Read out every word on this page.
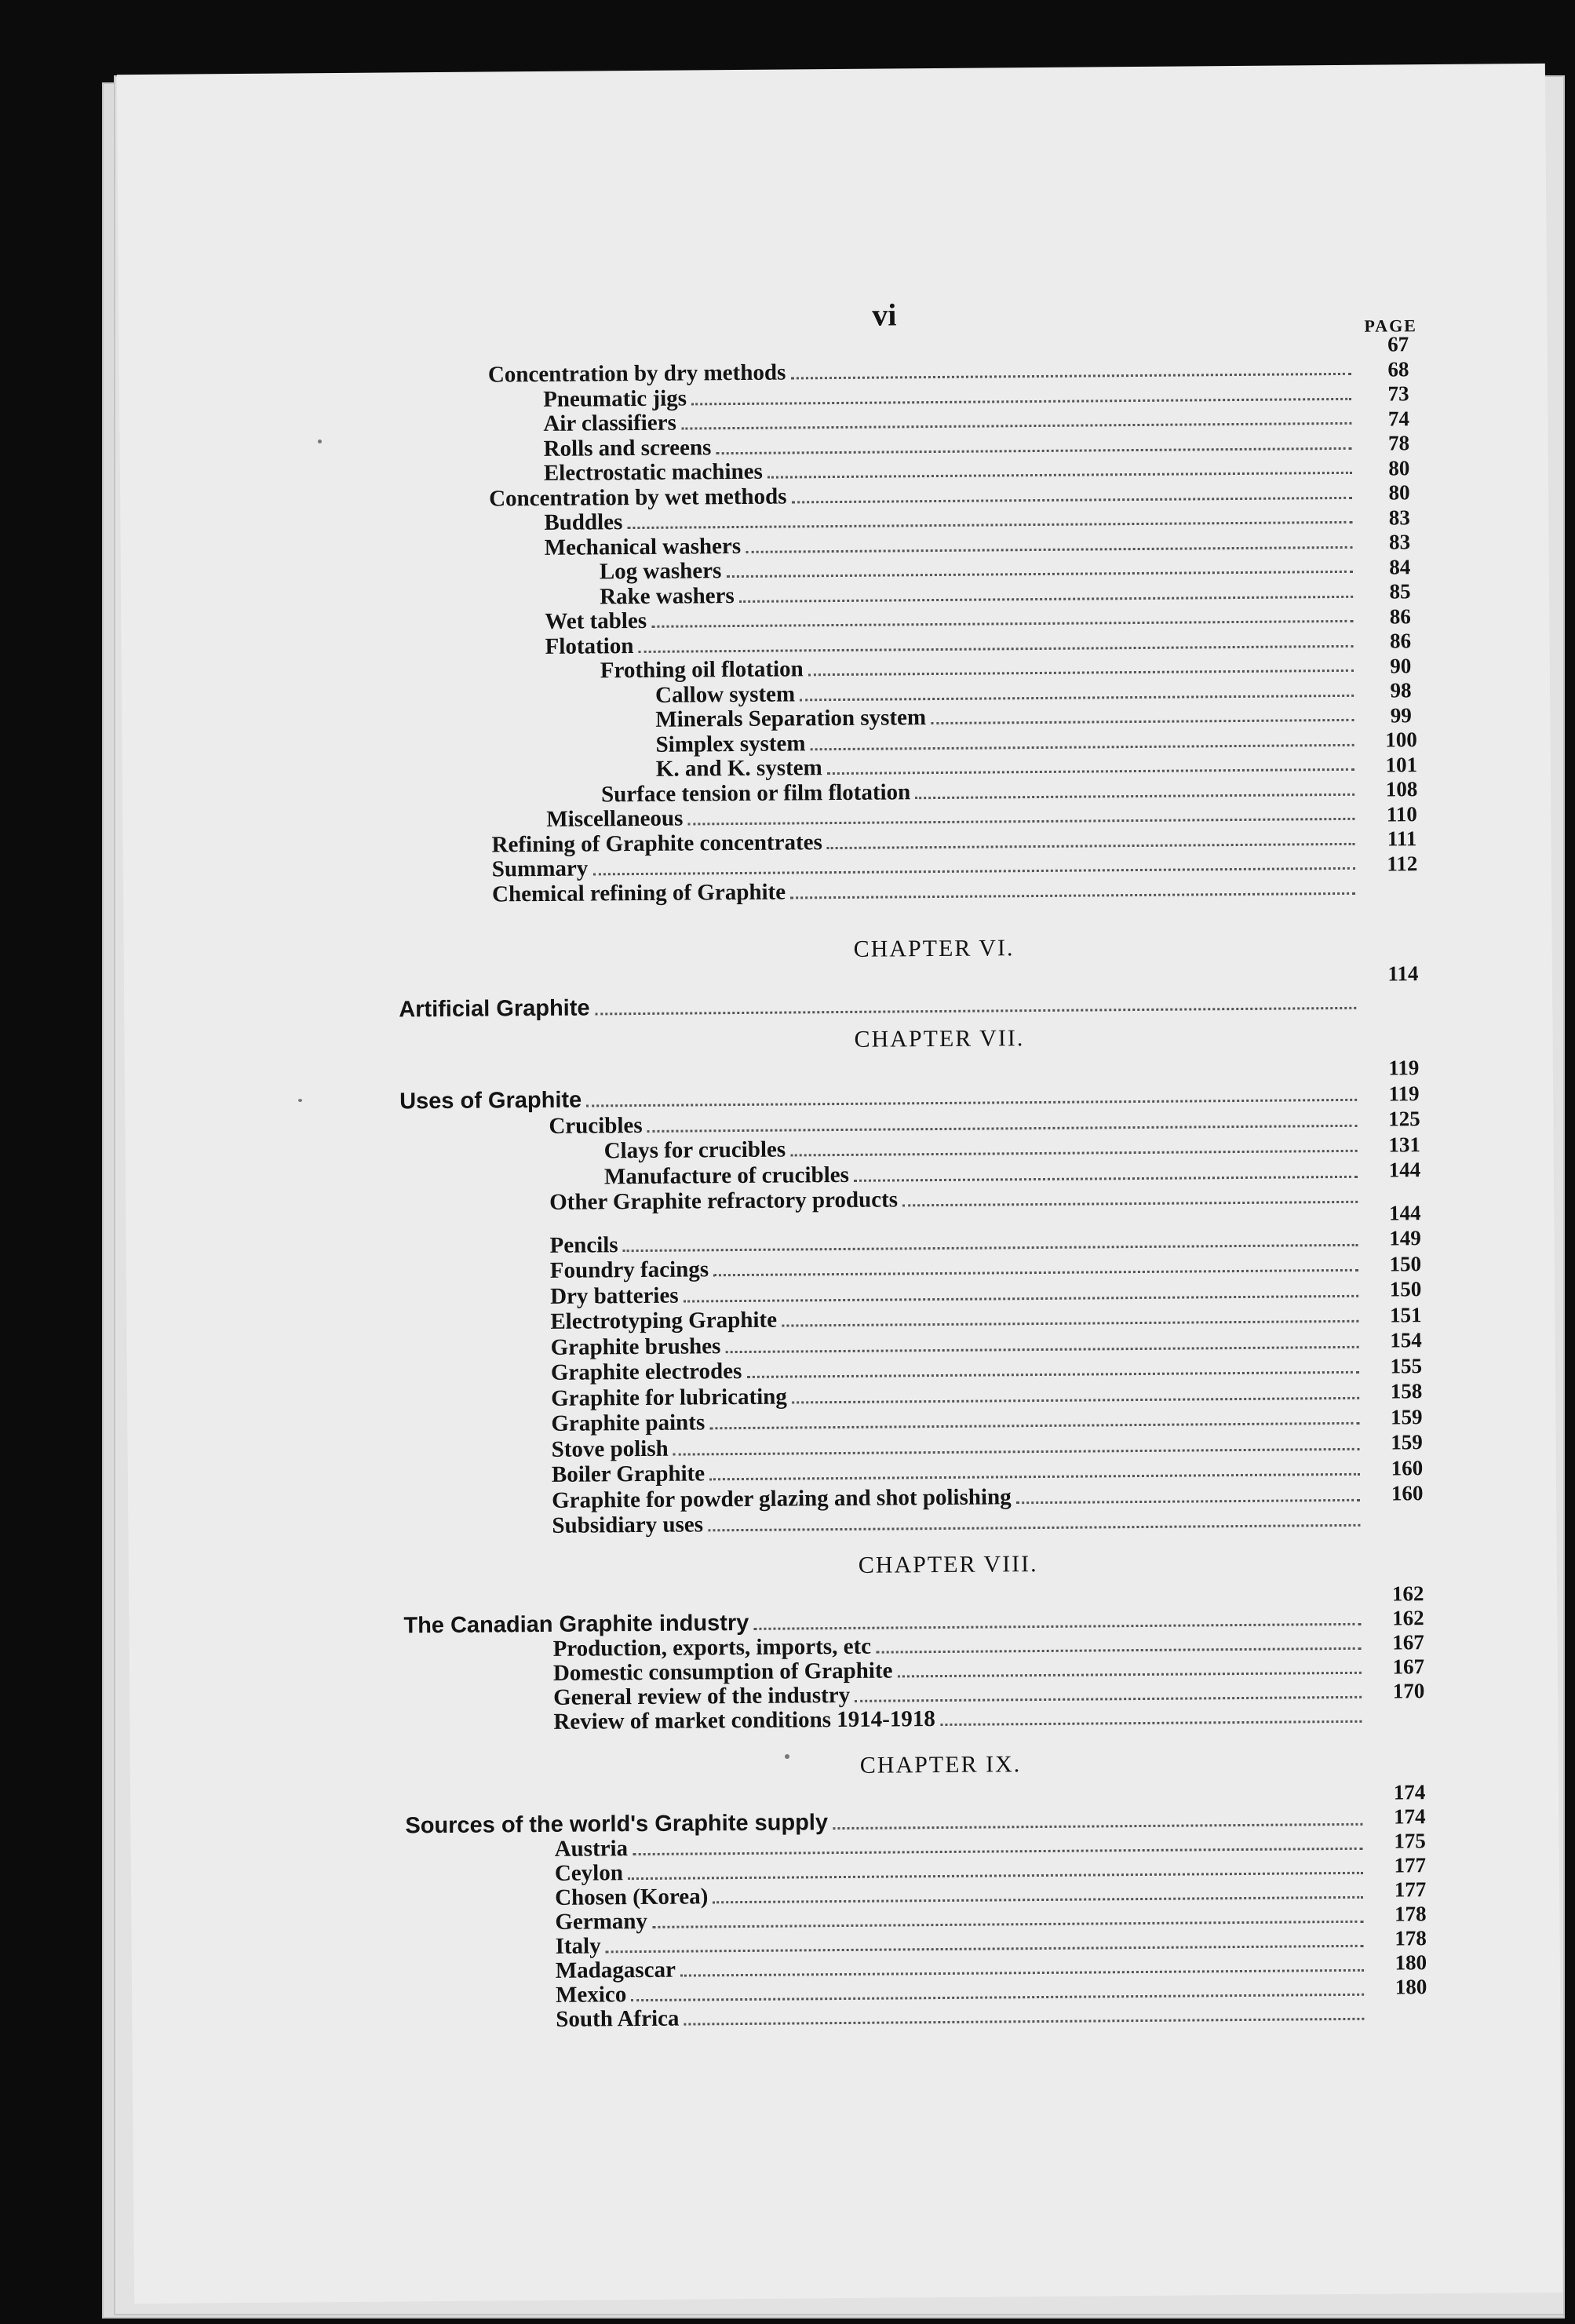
vi	PAGE
67
68
73
74
78
80
80
83
83
84
85
86
86
90
98
99
100
101
108
110
111
112
Concentration by dry methods
Pneumatic jigs
Air classifiers
Rolls and screens
Electrostatic machines
Concentration by wet methods
Buddles
Mechanical washers
Log washers
Rake washers
Wet tables
Flotation
Frothing oil flotation
Callow system
Minerals Separation system
Simplex system
K. and K. system
Surface tension or film flotation
Miscellaneous
Refining of Graphite concentrates
Summary
Chemical refining of Graphite
CHAPTER VI.
114
Artificial Graphite
CHAPTER VII.
119
119
125
131
144
144
149
150
150
151
154
155
158
159
159
160
160
Uses of Graphite
Crucibles
Clays for crucibles
Manufacture of crucibles
Other Graphite refractory products
Pencils
Foundry facings
Dry batteries
Electrotyping Graphite
Graphite brushes
Graphite electrodes
Graphite for lubricating
Graphite paints
Stove polish
Boiler Graphite
Graphite for powder glazing and shot polishing
Subsidiary uses
CHAPTER VIII.
162
162
167
167
170
The Canadian Graphite industry
Production, exports, imports, etc
Domestic consumption of Graphite
General review of the industry
Review of market conditions 1914-1918
CHAPTER IX.
174
174
175
177
177
178
178
180
180
Sources of the world's Graphite supply
Austria
Ceylon
Chosen (Korea)
Germany
Italy
Madagascar
Mexico
South Africa
